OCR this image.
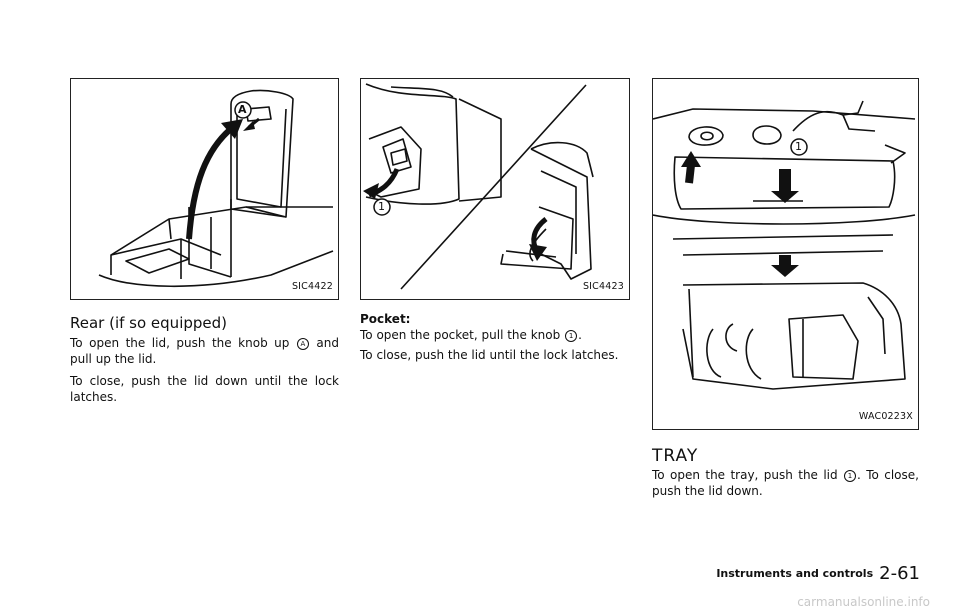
A
SIC4422
Rear (if so equipped)

To open the lid, push the knob up A and pull up the lid.

To close, push the lid down until the lock latches.

1
SIC4423
Pocket:

To open the pocket, pull the knob 1 .

To close, push the lid until the lock latches.

1
WAC0223X
TRAY

To open the tray, push the lid 1 . To close, push the lid down.

Instruments and controls 2-61
carmanualsonline.info
